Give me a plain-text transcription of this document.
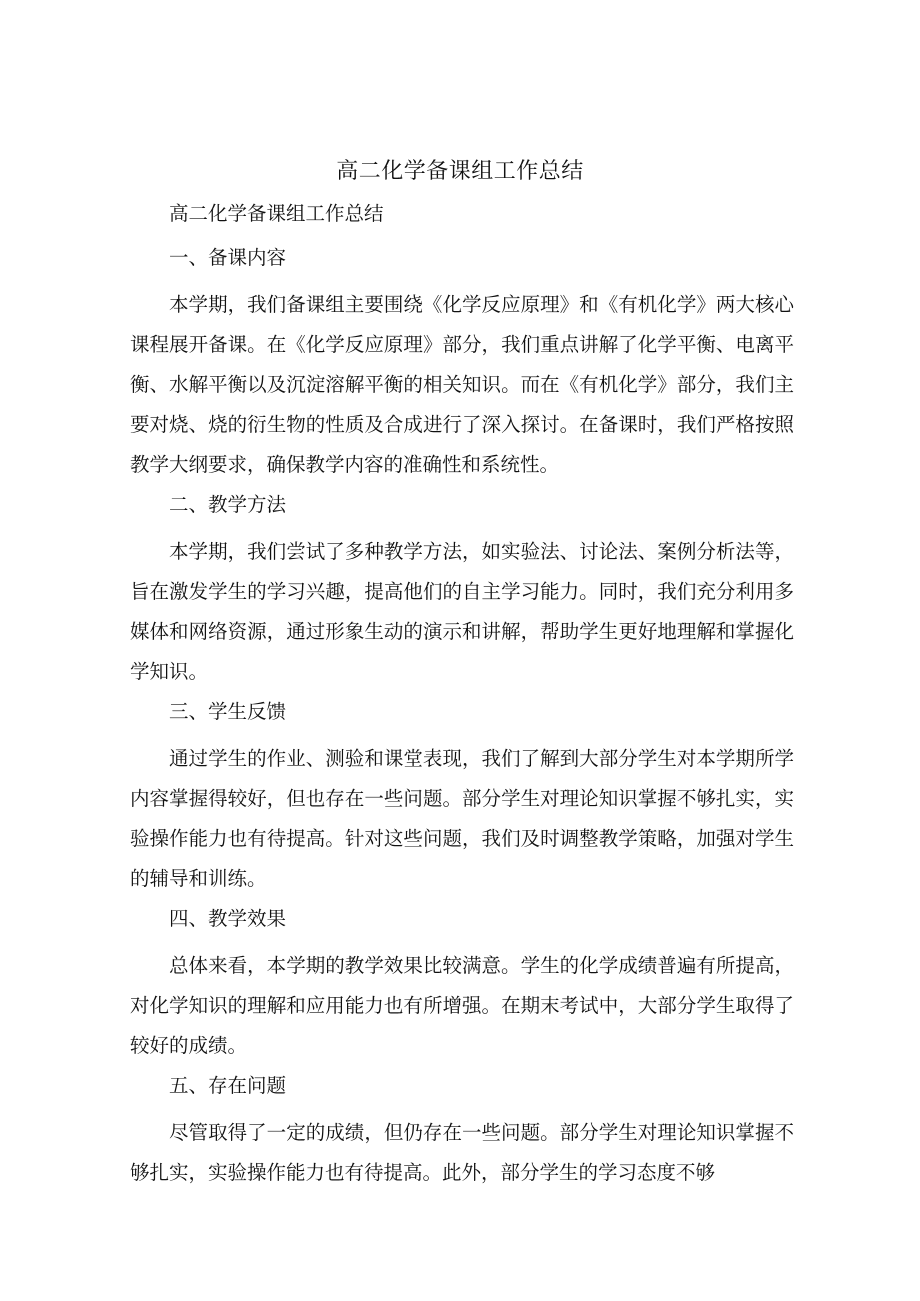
高二化学备课组工作总结

高二化学备课组工作总结

一、备课内容

本学期，我们备课组主要围绕《化学反应原理》和《有机化学》两大核心课程展开备课。在《化学反应原理》部分，我们重点讲解了化学平衡、电离平衡、水解平衡以及沉淀溶解平衡的相关知识。而在《有机化学》部分，我们主要对烧、烧的衍生物的性质及合成进行了深入探讨。在备课时，我们严格按照教学大纲要求，确保教学内容的准确性和系统性。

二、教学方法

本学期，我们尝试了多种教学方法，如实验法、讨论法、案例分析法等，旨在激发学生的学习兴趣，提高他们的自主学习能力。同时，我们充分利用多媒体和网络资源，通过形象生动的演示和讲解，帮助学生更好地理解和掌握化学知识。

三、学生反馈

通过学生的作业、测验和课堂表现，我们了解到大部分学生对本学期所学内容掌握得较好，但也存在一些问题。部分学生对理论知识掌握不够扎实，实验操作能力也有待提高。针对这些问题，我们及时调整教学策略，加强对学生的辅导和训练。

四、教学效果

总体来看，本学期的教学效果比较满意。学生的化学成绩普遍有所提高，对化学知识的理解和应用能力也有所增强。在期末考试中，大部分学生取得了较好的成绩。

五、存在问题

尽管取得了一定的成绩，但仍存在一些问题。部分学生对理论知识掌握不够扎实，实验操作能力也有待提高。此外，部分学生的学习态度不够
